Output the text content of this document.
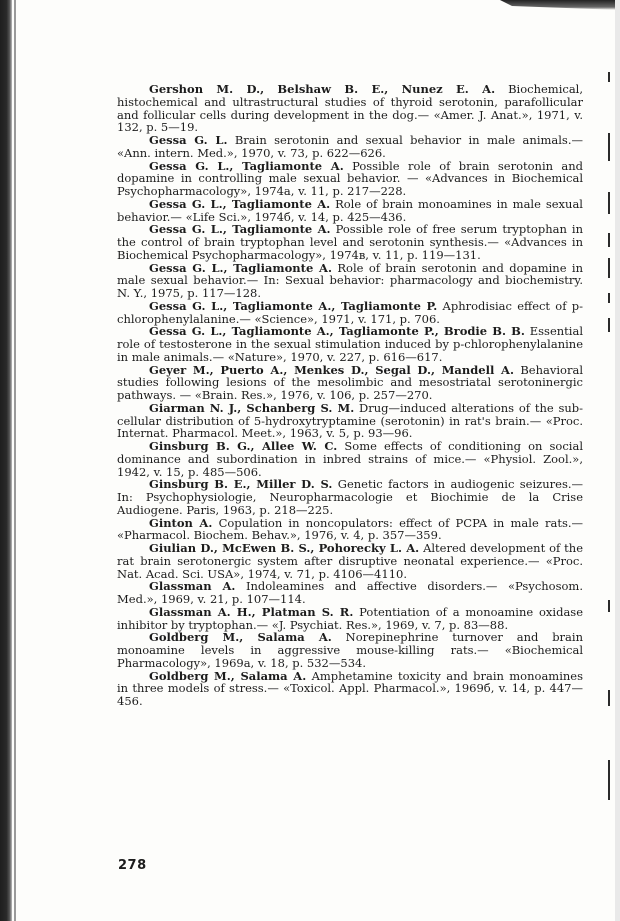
Gershon M. D., Belshaw B. E., Nunez E. A. Biochemical, histochemical and ultrastructural studies of thyroid serotonin, parafollicular and follicular cells during development in the dog.— «Amer. J. Anat.», 1971, v. 132, p. 5—19.

Gessa G. L. Brain serotonin and sexual behavior in male animals.— «Ann. intern. Med.», 1970, v. 73, p. 622—626.

Gessa G. L., Tagliamonte A. Possible role of brain serotonin and dopamine in controlling male sexual behavior. — «Advances in Biochemical Psychopharmacology», 1974a, v. 11, p. 217—228.

Gessa G. L., Tagliamonte A. Role of brain monoamines in male sexual behavior.— «Life Sci.», 1974б, v. 14, p. 425—436.

Gessa G. L., Tagliamonte A. Possible role of free serum tryptophan in the control of brain tryptophan level and serotonin synthesis.— «Advances in Biochemical Psychopharmacology», 1974в, v. 11, p. 119—131.

Gessa G. L., Tagliamonte A. Role of brain serotonin and dopamine in male sexual behavior.— In: Sexual behavior: pharmacology and biochemistry. N. Y., 1975, p. 117—128.

Gessa G. L., Tagliamonte A., Tagliamonte P. Aphrodisiac effect of p-chlorophenylalanine.— «Science», 1971, v. 171, p. 706.

Gessa G. L., Tagliamonte A., Tagliamonte P., Brodie B. B. Essential role of testosterone in the sexual stimulation induced by p-chlorophenylalanine in male animals.— «Nature», 1970, v. 227, p. 616—617.

Geyer M., Puerto A., Menkes D., Segal D., Mandell A. Behavioral studies following lesions of the mesolimbic and mesostriatal serotoninergic pathways. — «Brain. Res.», 1976, v. 106, p. 257—270.

Giarman N. J., Schanberg S. M. Drug—induced alterations of the sub-cellular distribution of 5-hydroxytryptamine (serotonin) in rat's brain.— «Proc. Internat. Pharmacol. Meet.», 1963, v. 5, p. 93—96.

Ginsburg B. G., Allee W. C. Some effects of conditioning on social dominance and subordination in inbred strains of mice.— «Physiol. Zool.», 1942, v. 15, p. 485—506.

Ginsburg B. E., Miller D. S. Genetic factors in audiogenic seizures.— In: Psychophysiologie, Neuropharmacologie et Biochimie de la Crise Audiogene. Paris, 1963, p. 218—225.

Ginton A. Copulation in noncopulators: effect of PCPA in male rats.— «Pharmacol. Biochem. Behav.», 1976, v. 4, p. 357—359.

Giulian D., McEwen B. S., Pohorecky L. A. Altered development of the rat brain serotonergic system after disruptive neonatal experience.— «Proc. Nat. Acad. Sci. USA», 1974, v. 71, p. 4106—4110.

Glassman A. Indoleamines and affective disorders.— «Psychosom. Med.», 1969, v. 21, p. 107—114.

Glassman A. H., Platman S. R. Potentiation of a monoamine oxidase inhibitor by tryptophan.— «J. Psychiat. Res.», 1969, v. 7, p. 83—88.

Goldberg M., Salama A. Norepinephrine turnover and brain monoamine levels in aggressive mouse-killing rats.— «Biochemical Pharmacology», 1969a, v. 18, p. 532—534.

Goldberg M., Salama A. Amphetamine toxicity and brain monoamines in three models of stress.— «Toxicol. Appl. Pharmacol.», 1969б, v. 14, p. 447—456.

278
